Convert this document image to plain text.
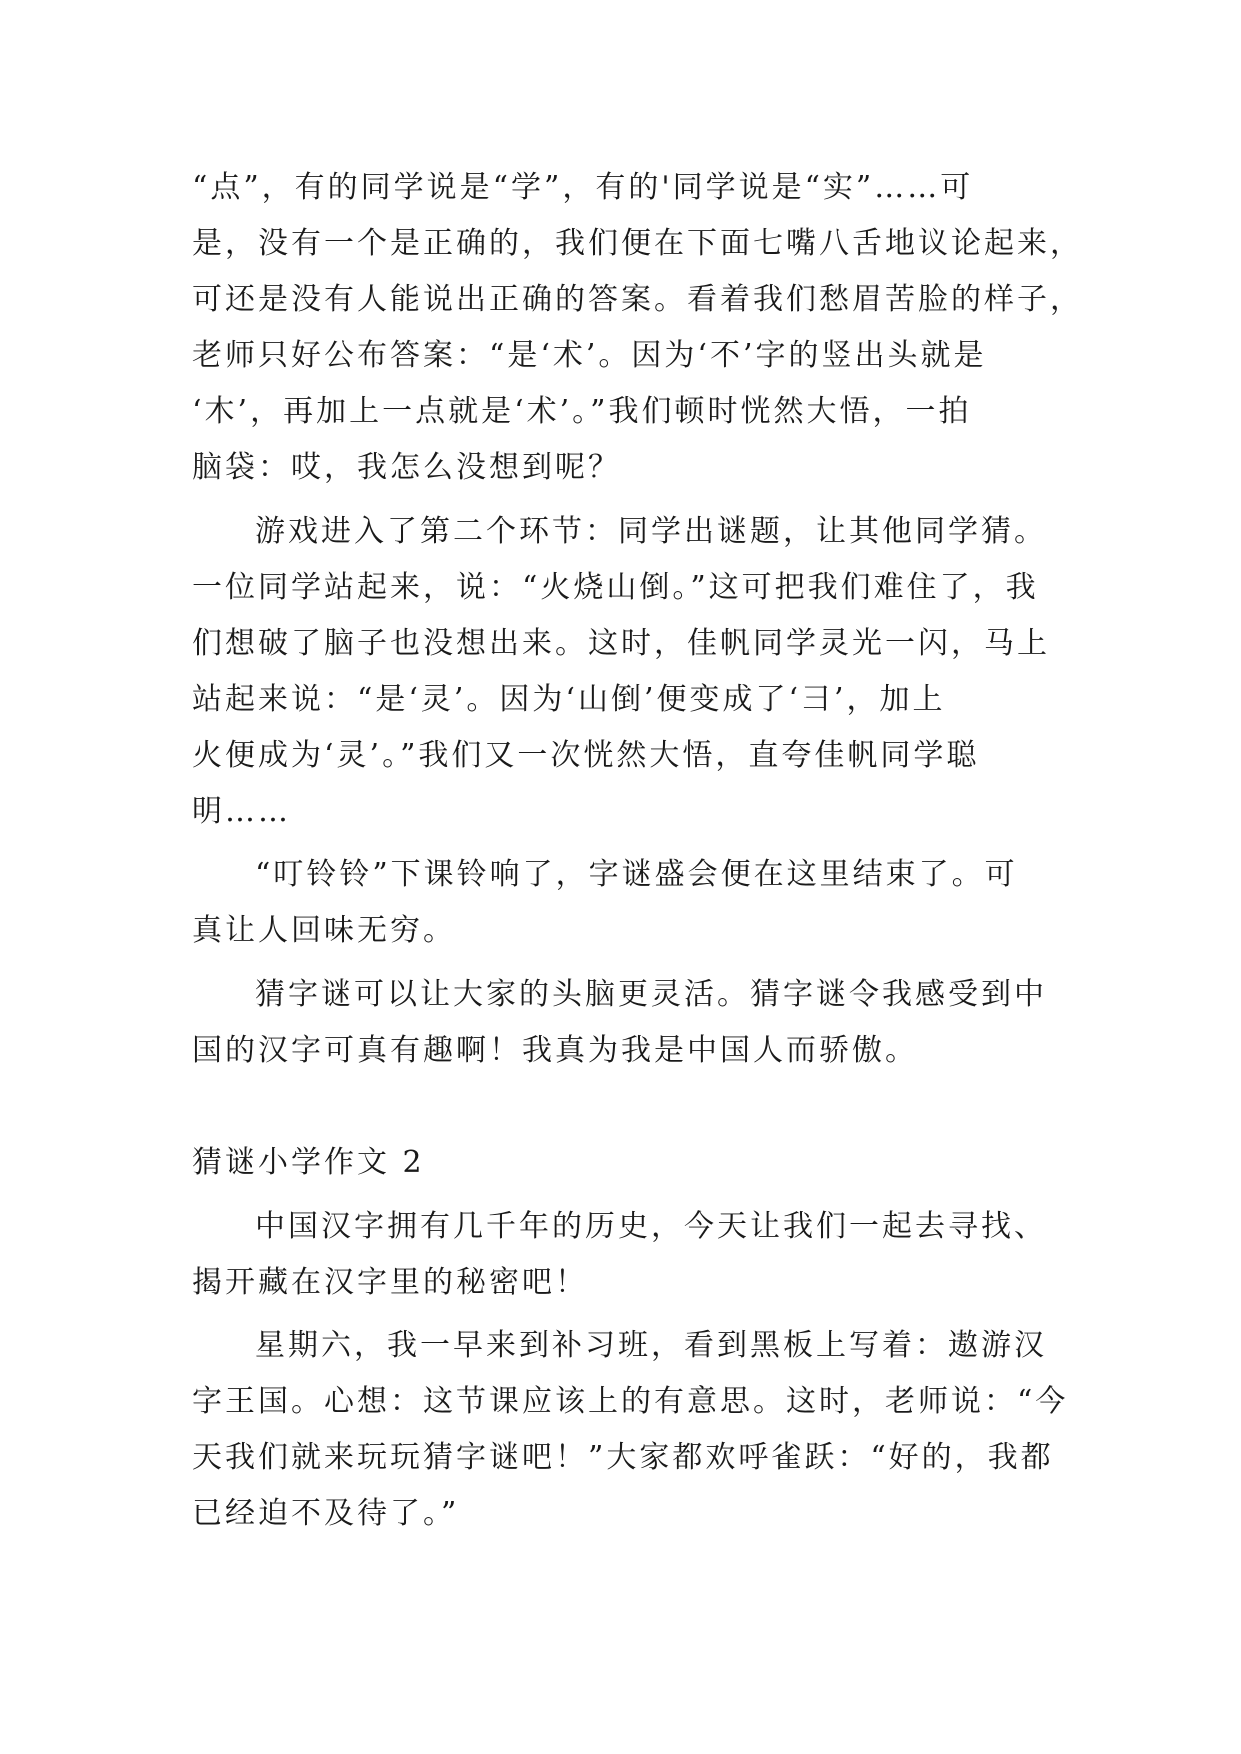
“点”，有的同学说是“学”，有的'同学说是“实”……可
是，没有一个是正确的，我们便在下面七嘴八舌地议论起来，
可还是没有人能说出正确的答案。看着我们愁眉苦脸的样子，
老师只好公布答案：“是‘术’。因为‘不’字的竖出头就是
‘木’，再加上一点就是‘术’。”我们顿时恍然大悟，一拍
脑袋：哎，我怎么没想到呢？
游戏进入了第二个环节：同学出谜题，让其他同学猜。
一位同学站起来，说：“火烧山倒。”这可把我们难住了，我
们想破了脑子也没想出来。这时，佳帆同学灵光一闪，马上
站起来说：“是‘灵’。因为‘山倒’便变成了‘彐’，加上
火便成为‘灵’。”我们又一次恍然大悟，直夸佳帆同学聪
明……
“叮铃铃”下课铃响了，字谜盛会便在这里结束了。可
真让人回味无穷。
猜字谜可以让大家的头脑更灵活。猜字谜令我感受到中
国的汉字可真有趣啊！我真为我是中国人而骄傲。
猜谜小学作文 2
中国汉字拥有几千年的历史，今天让我们一起去寻找、
揭开藏在汉字里的秘密吧！
星期六，我一早来到补习班，看到黑板上写着：遨游汉
字王国。心想：这节课应该上的有意思。这时，老师说：“今
天我们就来玩玩猜字谜吧！”大家都欢呼雀跃：“好的，我都
已经迫不及待了。”
